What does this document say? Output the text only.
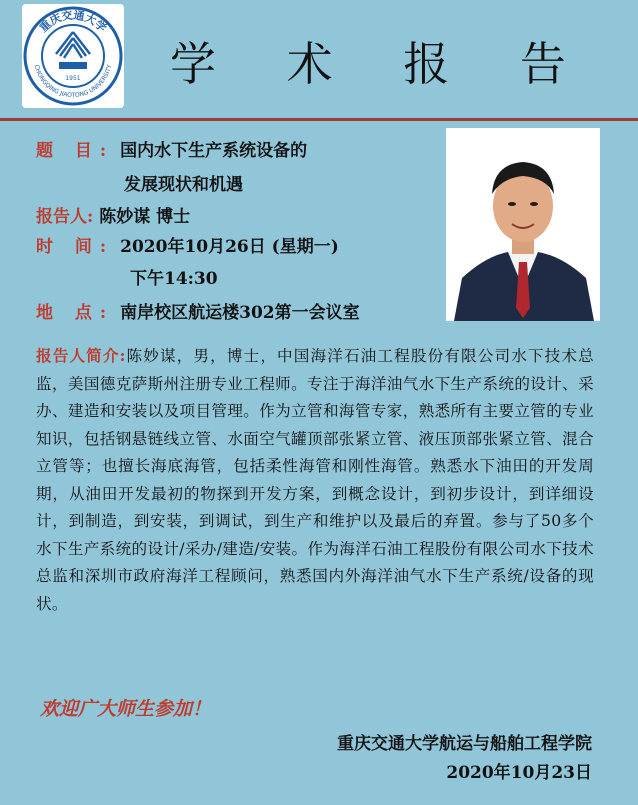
1951
重庆交通大学
CHONGQING JIAOTONG UNIVERSITY 学 术 报 告
题 目: 国内水下生产系统设备的
发展现状和机遇
报告人: 陈妙谋 博士
时 间: 2020年10月26日 (星期一)
下午14:30
地 点: 南岸校区航运楼302第一会议室
报告人简介:陈妙谋，男，博士，中国海洋石油工程股份有限公司水下技术总监，美国德克萨斯州注册专业工程师。专注于海洋油气水下生产系统的设计、采办、建造和安装以及项目管理。作为立管和海管专家，熟悉所有主要立管的专业知识，包括钢悬链线立管、水面空气罐顶部张紧立管、液压顶部张紧立管、混合立管等；也擅长海底海管，包括柔性海管和刚性海管。熟悉水下油田的开发周期，从油田开发最初的物探到开发方案，到概念设计，到初步设计，到详细设计，到制造，到安装，到调试，到生产和维护以及最后的弃置。参与了50多个水下生产系统的设计/采办/建造/安装。作为海洋石油工程股份有限公司水下技术总监和深圳市政府海洋工程顾问，熟悉国内外海洋油气水下生产系统/设备的现状。
欢迎广大师生参加！
重庆交通大学航运与船舶工程学院
2020年10月23日
